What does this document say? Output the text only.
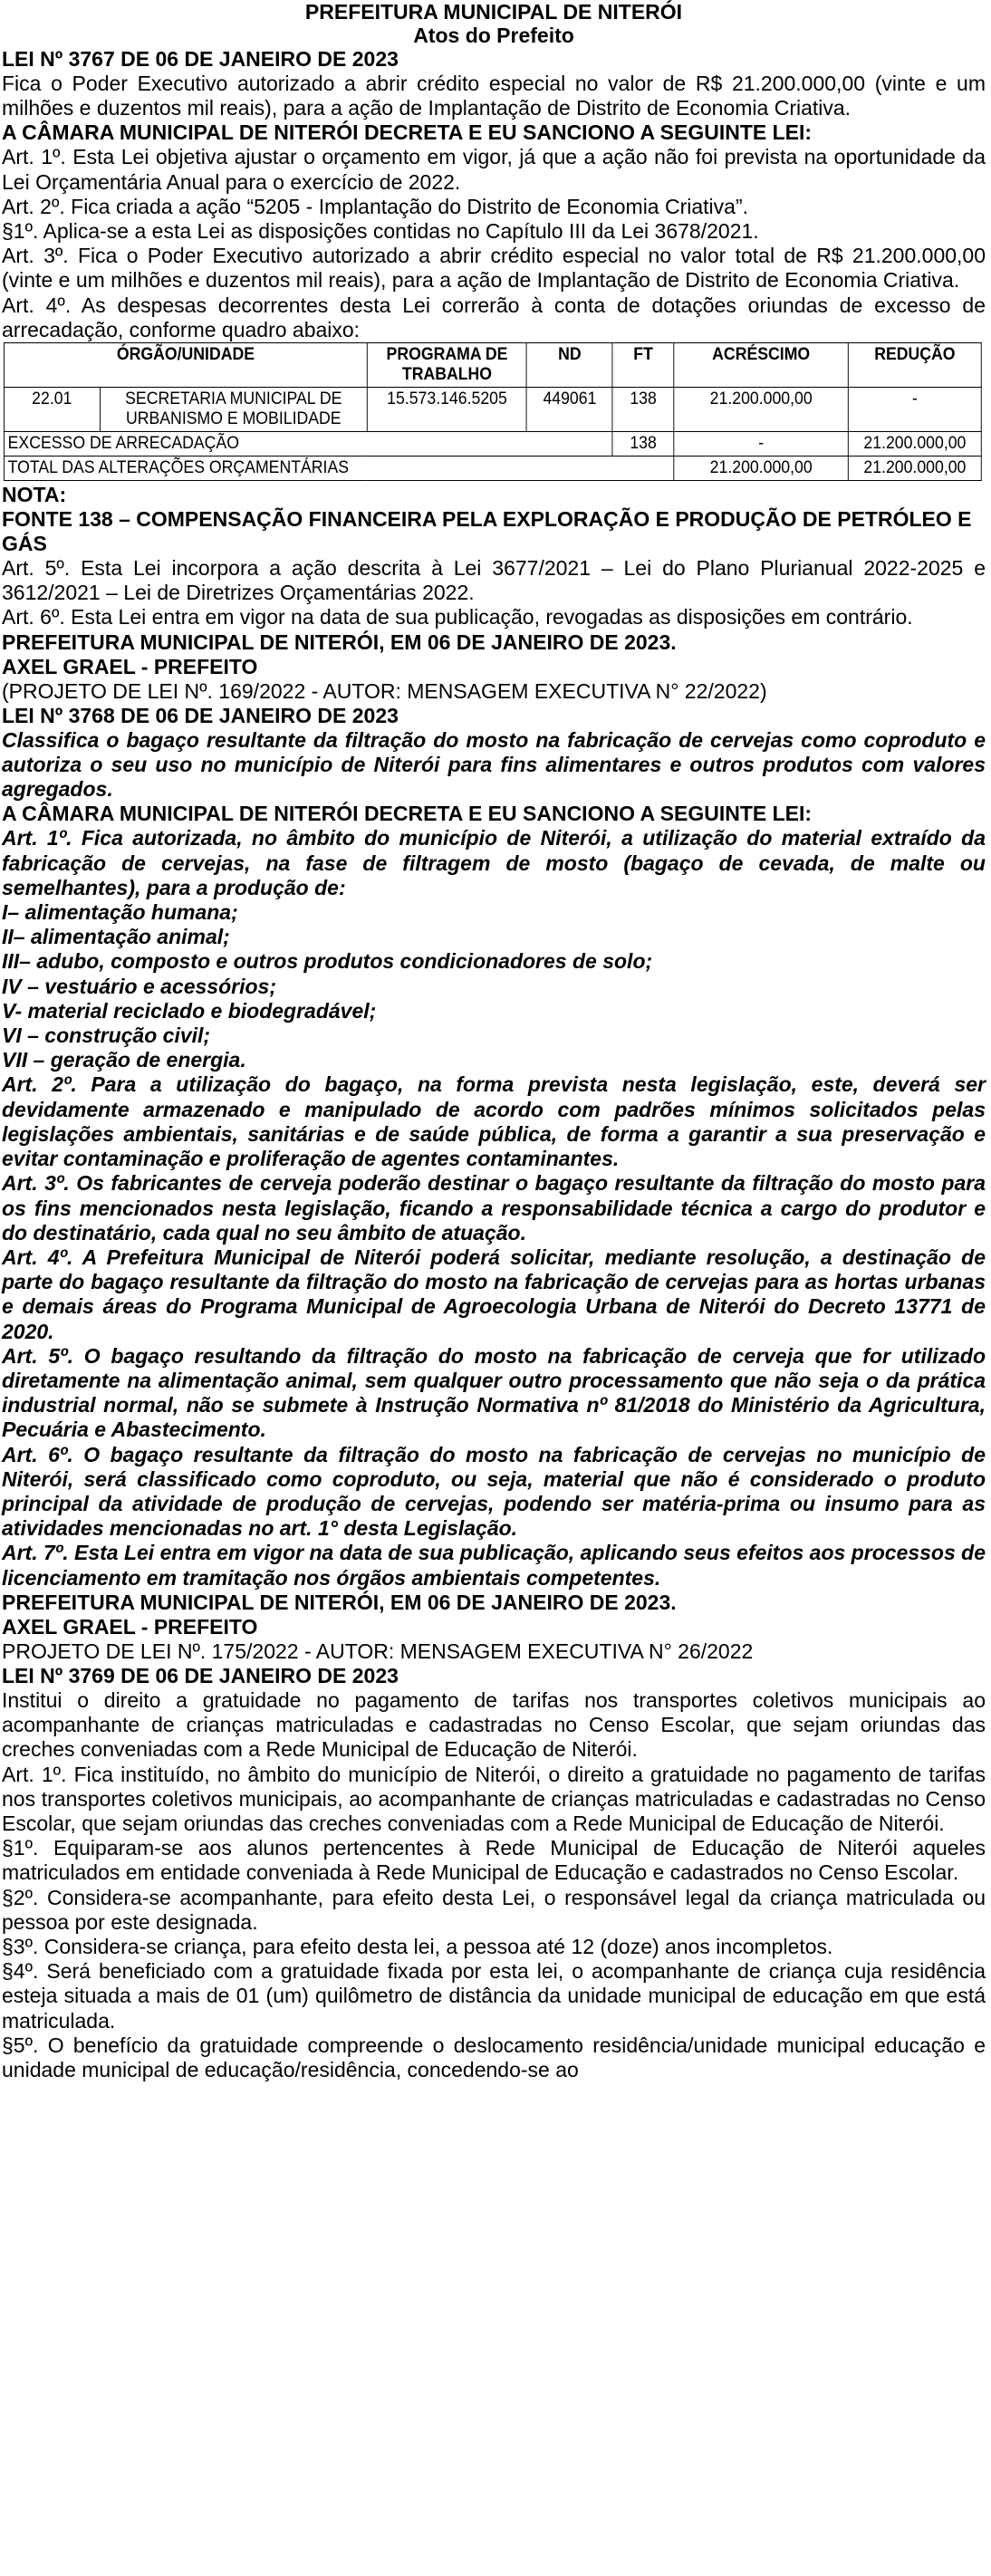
PREFEITURA MUNICIPAL DE NITERÓI
Atos do Prefeito
LEI Nº 3767 DE 06 DE JANEIRO DE 2023

Fica o Poder Executivo autorizado a abrir crédito especial no valor de R$ 21.200.000,00 (vinte e um milhões e duzentos mil reais), para a ação de Implantação de Distrito de Economia Criativa.

A CÂMARA MUNICIPAL DE NITERÓI DECRETA E EU SANCIONO A SEGUINTE LEI:

Art. 1º. Esta Lei objetiva ajustar o orçamento em vigor, já que a ação não foi prevista na oportunidade da Lei Orçamentária Anual para o exercício de 2022.

Art. 2º. Fica criada a ação “5205 - Implantação do Distrito de Economia Criativa”.

§1º. Aplica-se a esta Lei as disposições contidas no Capítulo III da Lei 3678/2021.

Art. 3º. Fica o Poder Executivo autorizado a abrir crédito especial no valor total de R$ 21.200.000,00 (vinte e um milhões e duzentos mil reais), para a ação de Implantação de Distrito de Economia Criativa.

Art. 4º. As despesas decorrentes desta Lei correrão à conta de dotações oriundas de excesso de arrecadação, conforme quadro abaixo:

ÓRGÃO/UNIDADE		PROGRAMA DE TRABALHO	ND	FT	ACRÉSCIMO	REDUÇÃO
22.01	SECRETARIA MUNICIPAL DE URBANISMO E MOBILIDADE	15.573.146.5205	449061	138	21.200.000,00	-
EXCESSO DE ARRECADAÇÃO				138	-	21.200.000,00
TOTAL DAS ALTERAÇÕES ORÇAMENTÁRIAS					21.200.000,00	21.200.000,00
NOTA:
FONTE 138 – COMPENSAÇÃO FINANCEIRA PELA EXPLORAÇÃO E PRODUÇÃO DE PETRÓLEO E GÁS

Art. 5º. Esta Lei incorpora a ação descrita à Lei 3677/2021 – Lei do Plano Plurianual 2022-2025 e 3612/2021 – Lei de Diretrizes Orçamentárias 2022.

Art. 6º. Esta Lei entra em vigor na data de sua publicação, revogadas as disposições em contrário.

PREFEITURA MUNICIPAL DE NITERÓI, EM 06 DE JANEIRO DE 2023.
AXEL GRAEL - PREFEITO

(PROJETO DE LEI Nº. 169/2022 - AUTOR: MENSAGEM EXECUTIVA N° 22/2022)

LEI Nº 3768 DE 06 DE JANEIRO DE 2023

Classifica o bagaço resultante da filtração do mosto na fabricação de cervejas como coproduto e autoriza o seu uso no município de Niterói para fins alimentares e outros produtos com valores agregados.

A CÂMARA MUNICIPAL DE NITERÓI DECRETA E EU SANCIONO A SEGUINTE LEI:

Art. 1º. Fica autorizada, no âmbito do município de Niterói, a utilização do material extraído da fabricação de cervejas, na fase de filtragem de mosto (bagaço de cevada, de malte ou semelhantes), para a produção de:

I– alimentação humana;

II– alimentação animal;

III– adubo, composto e outros produtos condicionadores de solo;

IV – vestuário e acessórios;

V- material reciclado e biodegradável;

VI – construção civil;

VII – geração de energia.

Art. 2º. Para a utilização do bagaço, na forma prevista nesta legislação, este, deverá ser devidamente armazenado e manipulado de acordo com padrões mínimos solicitados pelas legislações ambientais, sanitárias e de saúde pública, de forma a garantir a sua preservação e evitar contaminação e proliferação de agentes contaminantes.

Art. 3º. Os fabricantes de cerveja poderão destinar o bagaço resultante da filtração do mosto para os fins mencionados nesta legislação, ficando a responsabilidade técnica a cargo do produtor e do destinatário, cada qual no seu âmbito de atuação.

Art. 4º. A Prefeitura Municipal de Niterói poderá solicitar, mediante resolução, a destinação de parte do bagaço resultante da filtração do mosto na fabricação de cervejas para as hortas urbanas e demais áreas do Programa Municipal de Agroecologia Urbana de Niterói do Decreto 13771 de 2020.

Art. 5º. O bagaço resultando da filtração do mosto na fabricação de cerveja que for utilizado diretamente na alimentação animal, sem qualquer outro processamento que não seja o da prática industrial normal, não se submete à Instrução Normativa nº 81/2018 do Ministério da Agricultura, Pecuária e Abastecimento.

Art. 6º. O bagaço resultante da filtração do mosto na fabricação de cervejas no município de Niterói, será classificado como coproduto, ou seja, material que não é considerado o produto principal da atividade de produção de cervejas, podendo ser matéria-prima ou insumo para as atividades mencionadas no art. 1° desta Legislação.

Art. 7º. Esta Lei entra em vigor na data de sua publicação, aplicando seus efeitos aos processos de licenciamento em tramitação nos órgãos ambientais competentes.

PREFEITURA MUNICIPAL DE NITERÓI, EM 06 DE JANEIRO DE 2023.
AXEL GRAEL - PREFEITO

PROJETO DE LEI Nº. 175/2022 - AUTOR: MENSAGEM EXECUTIVA N° 26/2022

LEI Nº 3769 DE 06 DE JANEIRO DE 2023

Institui o direito a gratuidade no pagamento de tarifas nos transportes coletivos municipais ao acompanhante de crianças matriculadas e cadastradas no Censo Escolar, que sejam oriundas das creches conveniadas com a Rede Municipal de Educação de Niterói.

Art. 1º. Fica instituído, no âmbito do município de Niterói, o direito a gratuidade no pagamento de tarifas nos transportes coletivos municipais, ao acompanhante de crianças matriculadas e cadastradas no Censo Escolar, que sejam oriundas das creches conveniadas com a Rede Municipal de Educação de Niterói.

§1º. Equiparam-se aos alunos pertencentes à Rede Municipal de Educação de Niterói aqueles matriculados em entidade conveniada à Rede Municipal de Educação e cadastrados no Censo Escolar.

§2º. Considera-se acompanhante, para efeito desta Lei, o responsável legal da criança matriculada ou pessoa por este designada.

§3º. Considera-se criança, para efeito desta lei, a pessoa até 12 (doze) anos incompletos.

§4º. Será beneficiado com a gratuidade fixada por esta lei, o acompanhante de criança cuja residência esteja situada a mais de 01 (um) quilômetro de distância da unidade municipal de educação em que está matriculada.

§5º. O benefício da gratuidade compreende o deslocamento residência/unidade municipal educação e unidade municipal de educação/residência, concedendo-se ao
